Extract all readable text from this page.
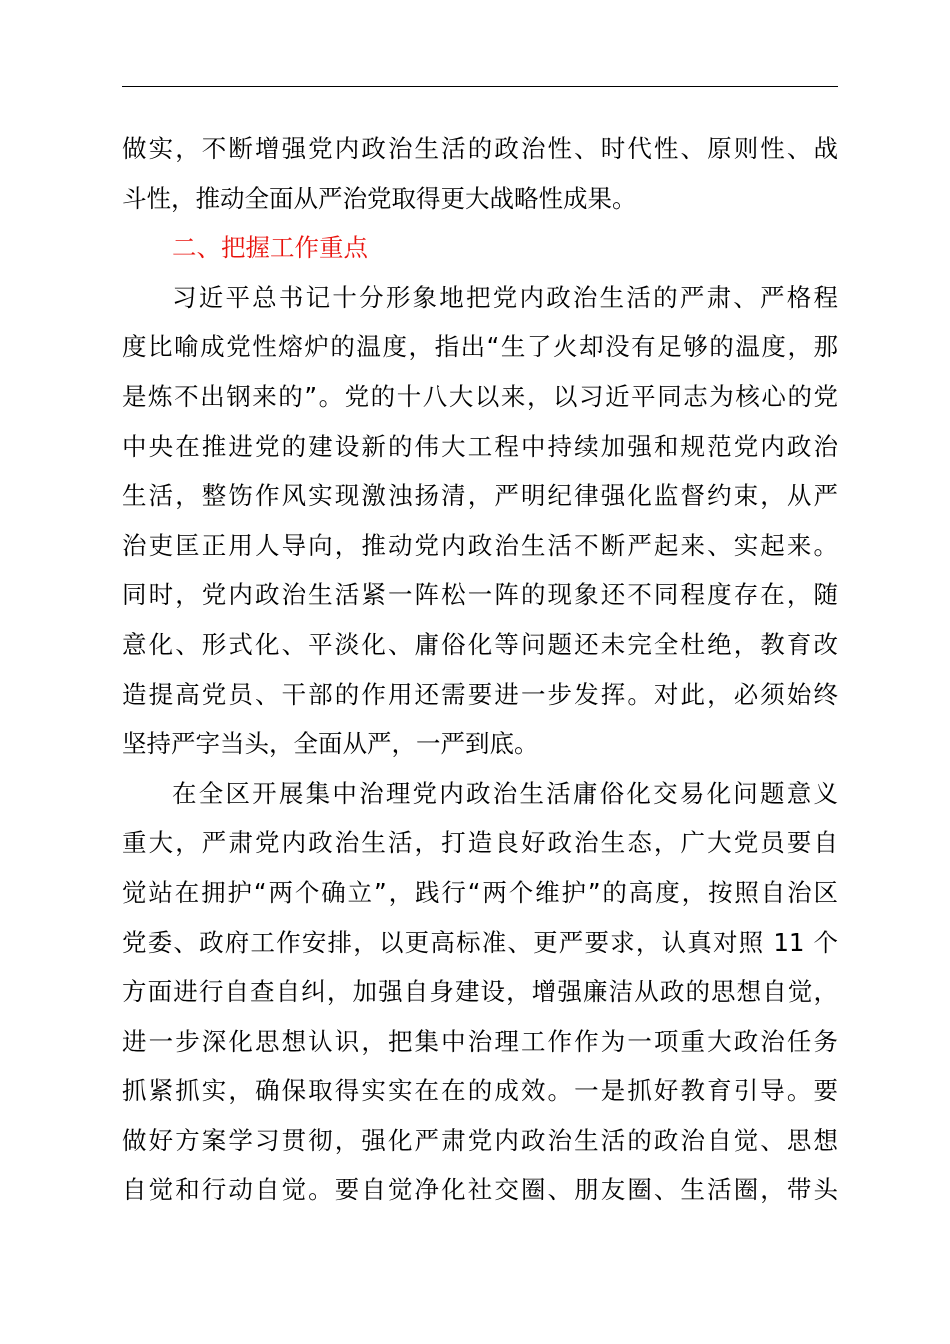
做实，不断增强党内政治生活的政治性、时代性、原则性、战
斗性，推动全面从严治党取得更大战略性成果。
二、把握工作重点
习近平总书记十分形象地把党内政治生活的严肃、严格程
度比喻成党性熔炉的温度，指出“生了火却没有足够的温度，那
是炼不出钢来的”。党的十八大以来，以习近平同志为核心的党
中央在推进党的建设新的伟大工程中持续加强和规范党内政治
生活，整饬作风实现激浊扬清，严明纪律强化监督约束，从严
治吏匡正用人导向，推动党内政治生活不断严起来、实起来。
同时，党内政治生活紧一阵松一阵的现象还不同程度存在，随
意化、形式化、平淡化、庸俗化等问题还未完全杜绝，教育改
造提高党员、干部的作用还需要进一步发挥。对此，必须始终
坚持严字当头，全面从严，一严到底。
在全区开展集中治理党内政治生活庸俗化交易化问题意义
重大，严肃党内政治生活，打造良好政治生态，广大党员要自
觉站在拥护“两个确立”，践行“两个维护”的高度，按照自治区
党委、政府工作安排，以更高标准、更严要求，认真对照 11 个
方面进行自查自纠，加强自身建设，增强廉洁从政的思想自觉，
进一步深化思想认识，把集中治理工作作为一项重大政治任务
抓紧抓实，确保取得实实在在的成效。一是抓好教育引导。要
做好方案学习贯彻，强化严肃党内政治生活的政治自觉、思想
自觉和行动自觉。要自觉净化社交圈、朋友圈、生活圈，带头
